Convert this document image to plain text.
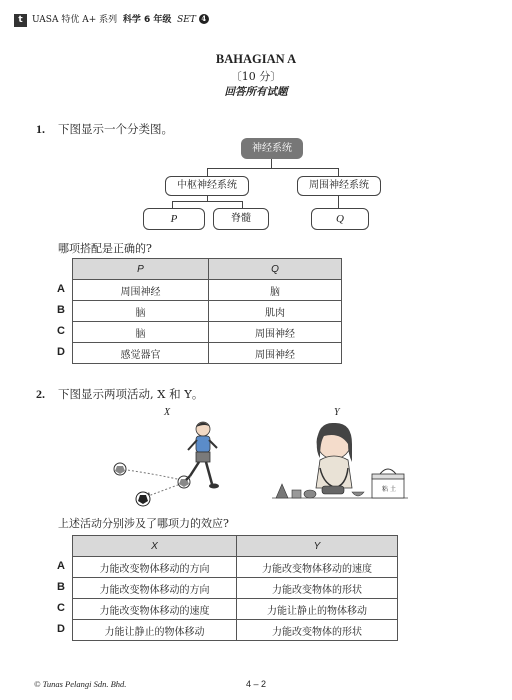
t	UASA 特优 A+ 系列 科学 6 年级 SET 4
BAHAGIAN A
〔10 分〕
回答所有试题
1. 下图显示一个分类图。
神经系统
中枢神经系统	周围神经系统
P	脊髓	Q
哪项搭配是正确的?
P	Q
周围神经	脑
脑	肌肉
脑	周围神经
感觉器官	周围神经
A
B
C
D
2. 下图显示两项活动, X 和 Y。
X	Y
粘 土
上述活动分别涉及了哪项力的效应?
X	Y
力能改变物体移动的方向	力能改变物体移动的速度
力能改变物体移动的方向	力能改变物体的形状
力能改变物体移动的速度	力能让静止的物体移动
力能让静止的物体移动	力能改变物体的形状
A
B
C
D
© Tunas Pelangi Sdn. Bhd.	4 – 2
